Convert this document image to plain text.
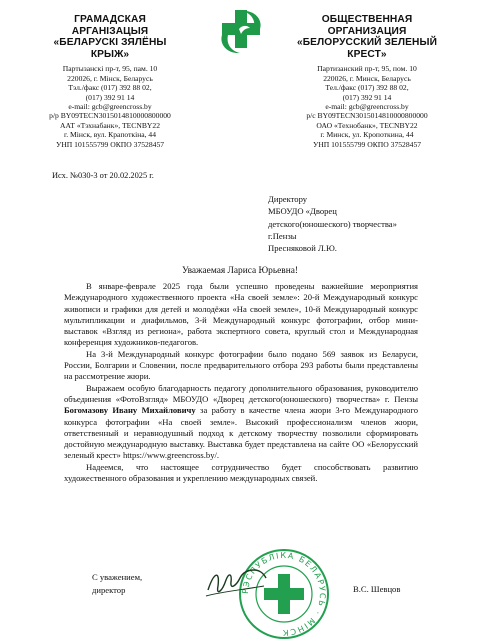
ГРАМАДСКАЯ
АРГАНІЗАЦЫЯ
«БЕЛАРУСКІ ЗЯЛЁНЫ
КРЫЖ»
Партызанскі пр-т, 95, пам. 10
220026, г. Мінск, Беларусь
Тэл./факс (017) 392 88 02,
(017) 392 91 14
e-mail: gcb@greencross.by
р/р BY09TECN3015014810000800000
ААТ «Тэхнабанк», TECNBY22
г. Мінск, вул. Крапоткіна, 44
УНП 101555799 ОКПО 37528457
ОБЩЕСТВЕННАЯ
ОРГАНИЗАЦИЯ
«БЕЛОРУССКИЙ ЗЕЛЕНЫЙ
КРЕСТ»
Партизанский пр-т, 95, пом. 10
220026, г. Минск, Беларусь
Тел./факс (017) 392 88 02,
(017) 392 91 14
e-mail: gcb@greencross.by
р/с BY09TECN3015014810000800000
ОАО «Технобанк», TECNBY22
г. Минск, ул. Кропоткина, 44
УНП 101555799 ОКПО 37528457
Исх. №030-3 от 20.02.2025 г.
Директору
МБОУДО «Дворец
детского(юношеского) творчества»
г.Пензы
Пресняковой Л.Ю.
Уважаемая Лариса Юрьевна!

В январе-феврале 2025 года были успешно проведены важнейшие мероприятия Международного художественного проекта «На своей земле»: 20-й Международный конкурс живописи и графики для детей и молодёжи «На своей земле», 10-й Международный конкурс мультипликации и диафильмов, 3-й Международный конкурс фотографии, отбор мини-выставок «Взгляд из региона», работа экспертного совета, круглый стол и Международная конференция художников-педагогов.

На 3-й Международный конкурс фотографии было подано 569 заявок из Беларуси, России, Болгарии и Словении, после предварительного отбора 293 работы были представлены на рассмотрение жюри.

Выражаем особую благодарность педагогу дополнительного образования, руководителю объединения «ФотоВзгляд» МБОУДО «Дворец детского(юношеского) творчества» г. Пензы Богомазову Ивану Михайловичу за работу в качестве члена жюри 3-го Международного конкурса фотографии «На своей земле». Высокий профессионализм членов жюри, ответственный и неравнодушный подход к детскому творчеству позволили сформировать достойную международную выставку. Выставка будет представлена на сайте ОО «Белорусский зеленый крест» https://www.greencross.by/.

Надеемся, что настоящее сотрудничество будет способствовать развитию художественного образования и укреплению международных связей.

С уважением,
директор	РЭСПУБЛІКА БЕЛАРУСЬ · МІНСК
В.С. Шевцов
